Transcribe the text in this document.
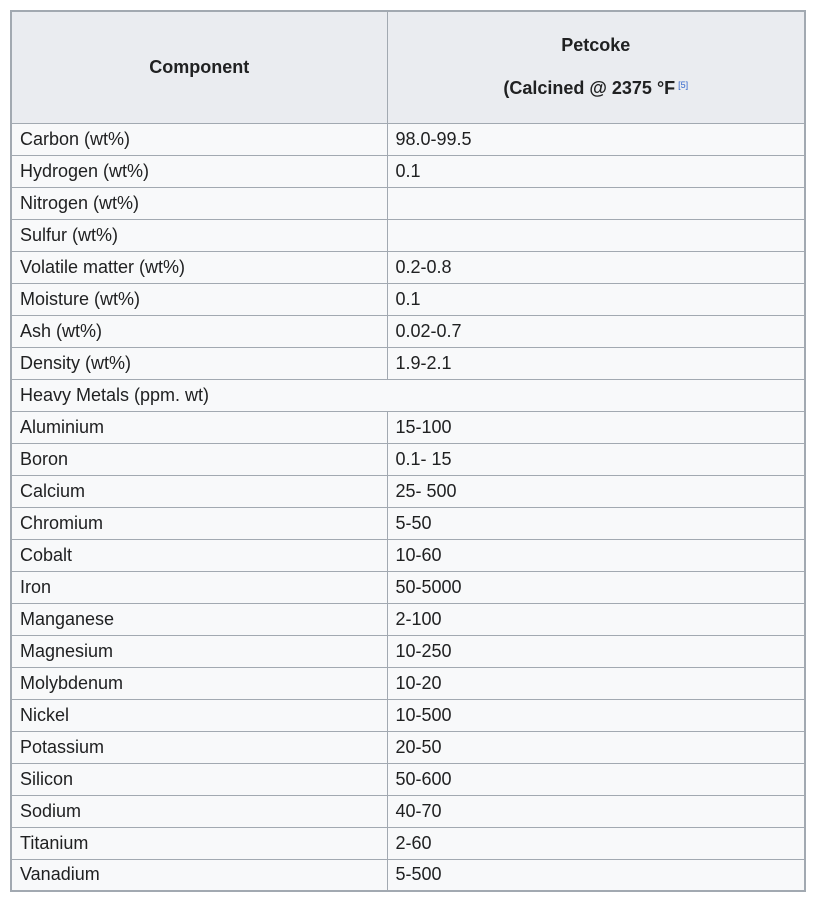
Component	Petcoke
(Calcined @ 2375 °F [5]

Carbon (wt%)	98.0-99.5
Hydrogen (wt%)	0.1
Nitrogen (wt%)	
Sulfur (wt%)	
Volatile matter (wt%)	0.2-0.8
Moisture (wt%)	0.1
Ash (wt%)	0.02-0.7
Density (wt%)	1.9-2.1
Heavy Metals (ppm. wt)	
Aluminium	15-100
Boron	0.1- 15
Calcium	25- 500
Chromium	5-50
Cobalt	10-60
Iron	50-5000
Manganese	2-100
Magnesium	10-250
Molybdenum	10-20
Nickel	10-500
Potassium	20-50
Silicon	50-600
Sodium	40-70
Titanium	2-60
Vanadium	5-500
